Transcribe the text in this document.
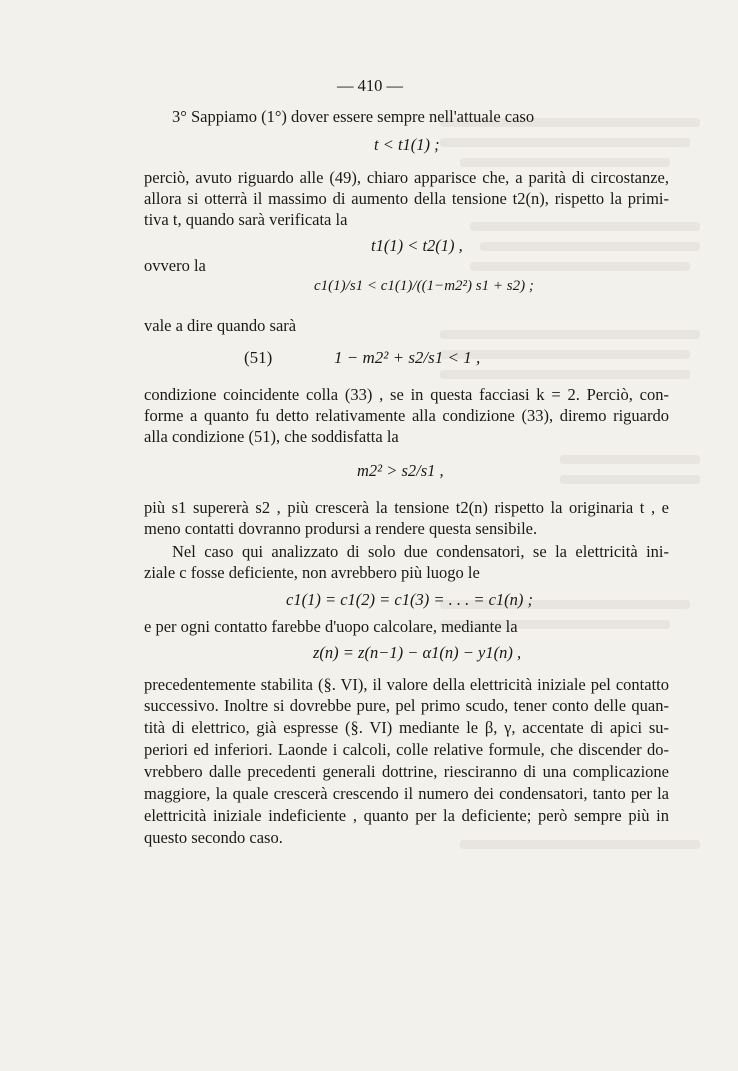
— 410 —
3° Sappiamo (1°) dover essere sempre nell'attuale caso
t < t1(1) ;
perciò, avuto riguardo alle (49), chiaro apparisce che, a parità di circostanze,
allora si otterrà il massimo di aumento della tensione t2(n), rispetto la primi-
tiva t, quando sarà verificata la
t1(1) < t2(1) ,
ovvero la
c1(1)/s1 < c1(1)/((1−m2²) s1 + s2) ;
vale a dire quando sarà
(51)	1 − m2² + s2/s1 < 1 ,
condizione coincidente colla (33) , se in questa facciasi k = 2. Perciò, con-
forme a quanto fu detto relativamente alla condizione (33), diremo riguardo
alla condizione (51), che soddisfatta la
m2² > s2/s1 ,
più s1 supererà s2 , più crescerà la tensione t2(n) rispetto la originaria t , e
meno contatti dovranno prodursi a rendere questa sensibile.
Nel caso qui analizzato di solo due condensatori, se la elettricità ini-
ziale c fosse deficiente, non avrebbero più luogo le
c1(1) = c1(2) = c1(3) = . . . = c1(n) ;
e per ogni contatto farebbe d'uopo calcolare, mediante la
z(n) = z(n−1) − α1(n) − y1(n) ,
precedentemente stabilita (§. VI), il valore della elettricità iniziale pel contatto
successivo. Inoltre si dovrebbe pure, pel primo scudo, tener conto delle quan-
tità di elettrico, già espresse (§. VI) mediante le β, γ, accentate di apici su-
periori ed inferiori. Laonde i calcoli, colle relative formule, che discender do-
vrebbero dalle precedenti generali dottrine, riesciranno di una complicazione
maggiore, la quale crescerà crescendo il numero dei condensatori, tanto per la
elettricità iniziale indeficiente , quanto per la deficiente; però sempre più in
questo secondo caso.
